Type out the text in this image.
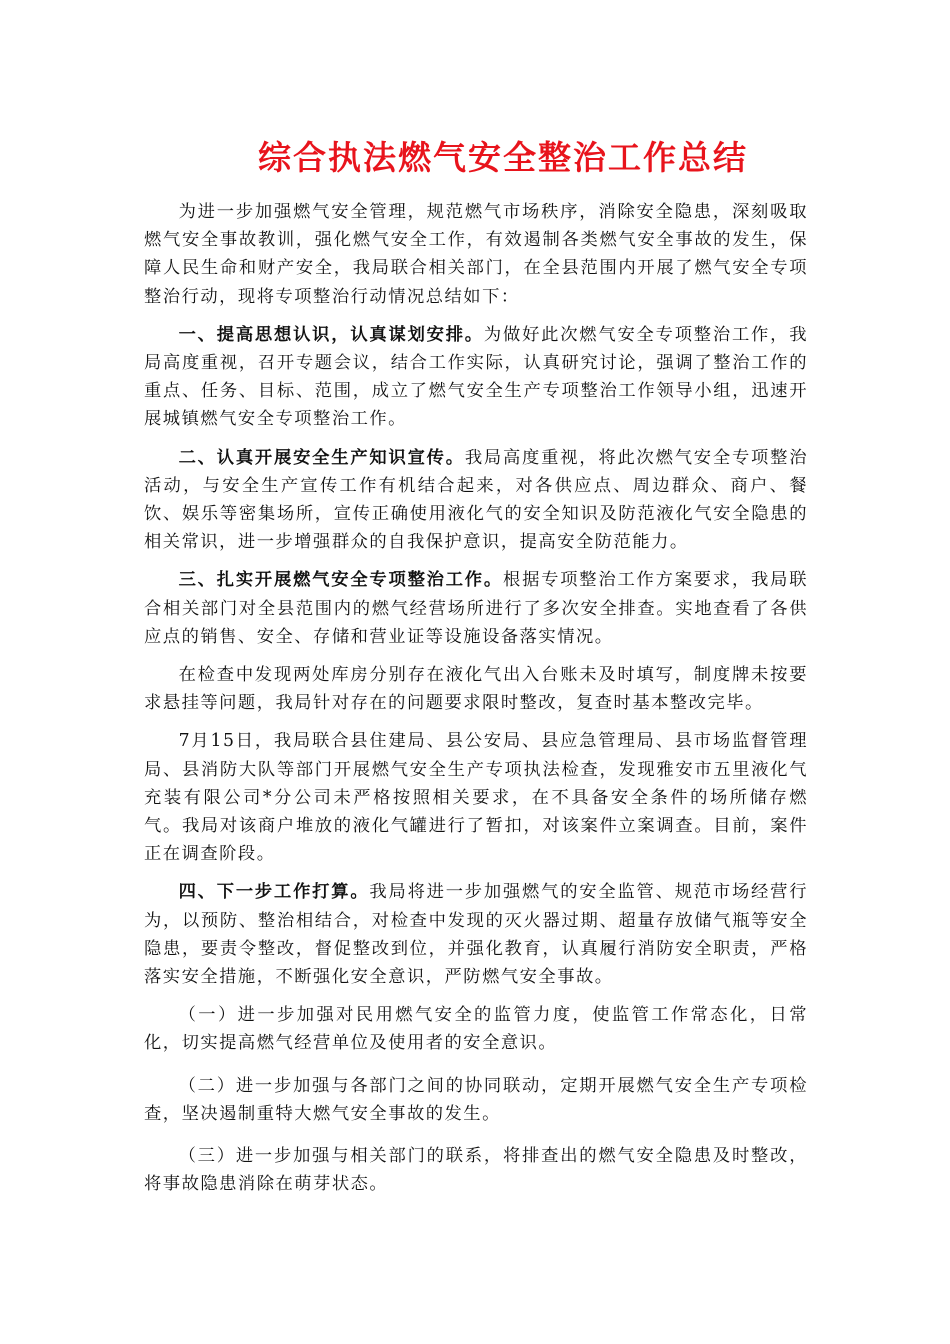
综合执法燃气安全整治工作总结

为进一步加强燃气安全管理，规范燃气市场秩序，消除安全隐患，深刻吸取燃气安全事故教训，强化燃气安全工作，有效遏制各类燃气安全事故的发生，保障人民生命和财产安全，我局联合相关部门，在全县范围内开展了燃气安全专项整治行动，现将专项整治行动情况总结如下：

一、提高思想认识，认真谋划安排。为做好此次燃气安全专项整治工作，我局高度重视，召开专题会议，结合工作实际，认真研究讨论，强调了整治工作的重点、任务、目标、范围，成立了燃气安全生产专项整治工作领导小组，迅速开展城镇燃气安全专项整治工作。

二、认真开展安全生产知识宣传。我局高度重视，将此次燃气安全专项整治活动，与安全生产宣传工作有机结合起来，对各供应点、周边群众、商户、餐饮、娱乐等密集场所，宣传正确使用液化气的安全知识及防范液化气安全隐患的相关常识，进一步增强群众的自我保护意识，提高安全防范能力。

三、扎实开展燃气安全专项整治工作。根据专项整治工作方案要求，我局联合相关部门对全县范围内的燃气经营场所进行了多次安全排查。实地查看了各供应点的销售、安全、存储和营业证等设施设备落实情况。

在检查中发现两处库房分别存在液化气出入台账未及时填写，制度牌未按要求悬挂等问题，我局针对存在的问题要求限时整改，复查时基本整改完毕。

7月15日，我局联合县住建局、县公安局、县应急管理局、县市场监督管理局、县消防大队等部门开展燃气安全生产专项执法检查，发现雅安市五里液化气充装有限公司*分公司未严格按照相关要求，在不具备安全条件的场所储存燃气。我局对该商户堆放的液化气罐进行了暂扣，对该案件立案调查。目前，案件正在调查阶段。

四、下一步工作打算。我局将进一步加强燃气的安全监管、规范市场经营行为，以预防、整治相结合，对检查中发现的灭火器过期、超量存放储气瓶等安全隐患，要责令整改，督促整改到位，并强化教育，认真履行消防安全职责，严格落实安全措施，不断强化安全意识，严防燃气安全事故。

（一）进一步加强对民用燃气安全的监管力度，使监管工作常态化，日常化，切实提高燃气经营单位及使用者的安全意识。

（二）进一步加强与各部门之间的协同联动，定期开展燃气安全生产专项检查，坚决遏制重特大燃气安全事故的发生。

（三）进一步加强与相关部门的联系，将排查出的燃气安全隐患及时整改，将事故隐患消除在萌芽状态。
